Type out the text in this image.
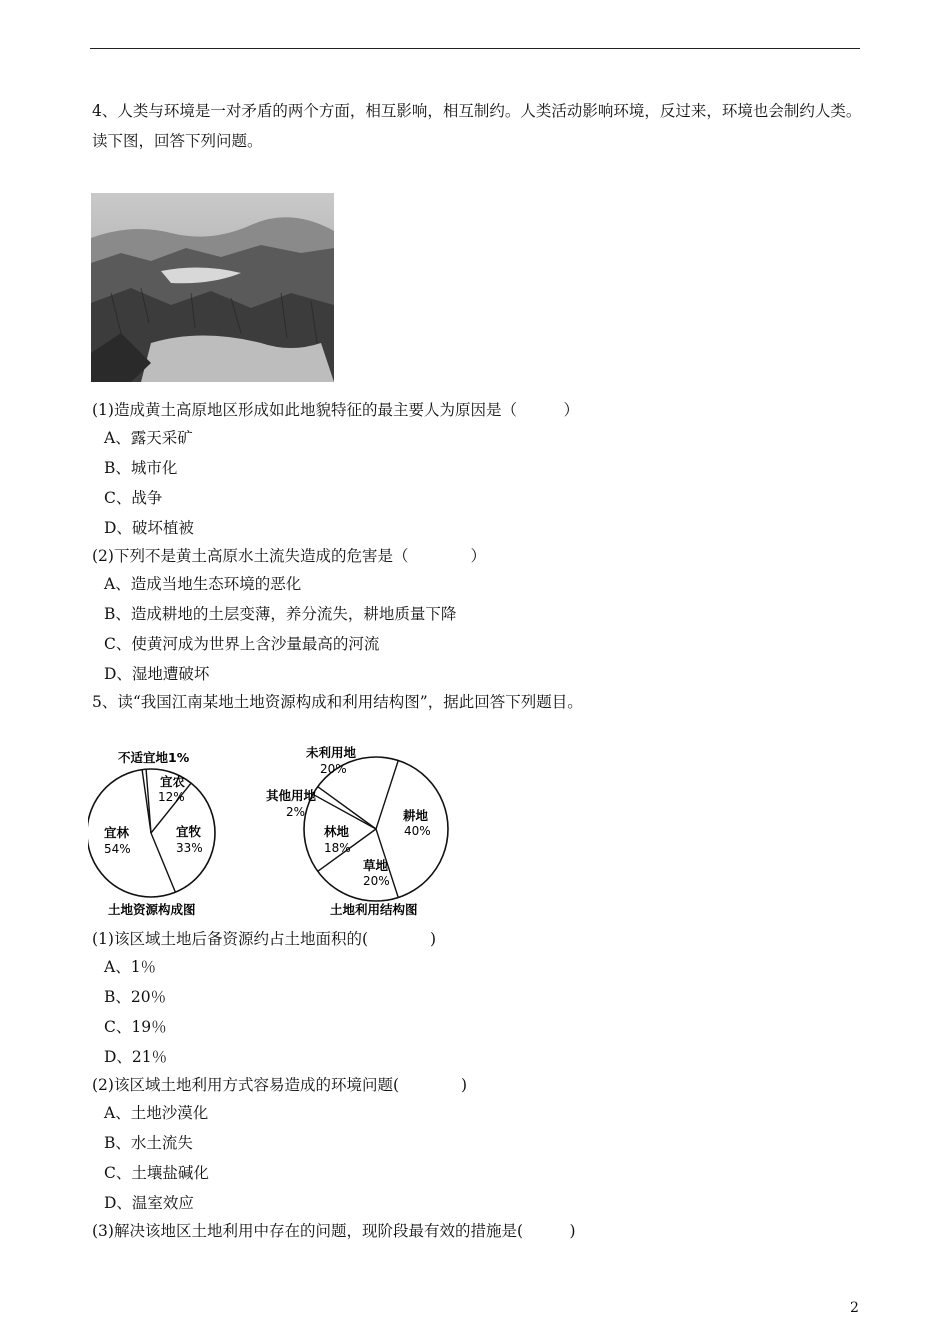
4、人类与环境是一对矛盾的两个方面，相互影响，相互制约。人类活动影响环境，反过来，环境也会制约人类。读下图，回答下列问题。
(1)造成黄土高原地区形成如此地貌特征的最主要人为原因是（　　　）
A、露天采矿
B、城市化
C、战争
D、破坏植被
(2)下列不是黄土高原水土流失造成的危害是（　　　　）
A、造成当地生态环境的恶化
B、造成耕地的土层变薄，养分流失，耕地质量下降
C、使黄河成为世界上含沙量最高的河流
D、湿地遭破坏
5、读“我国江南某地土地资源构成和利用结构图”，据此回答下列题目。
不适宜地1%
宜农
12%
宜牧
33%
宜林
54%
土地资源构成图
耕地
40%
草地
20%
林地
18%
其他用地
2%
未利用地
20%
土地利用结构图
(1)该区域土地后备资源约占土地面积的(　　　　)
A、1％
B、20％
C、19％
D、21％
(2)该区域土地利用方式容易造成的环境问题(　　　　)
A、土地沙漠化
B、水土流失
C、土壤盐碱化
D、温室效应
(3)解决该地区土地利用中存在的问题，现阶段最有效的措施是(　　　)
2
